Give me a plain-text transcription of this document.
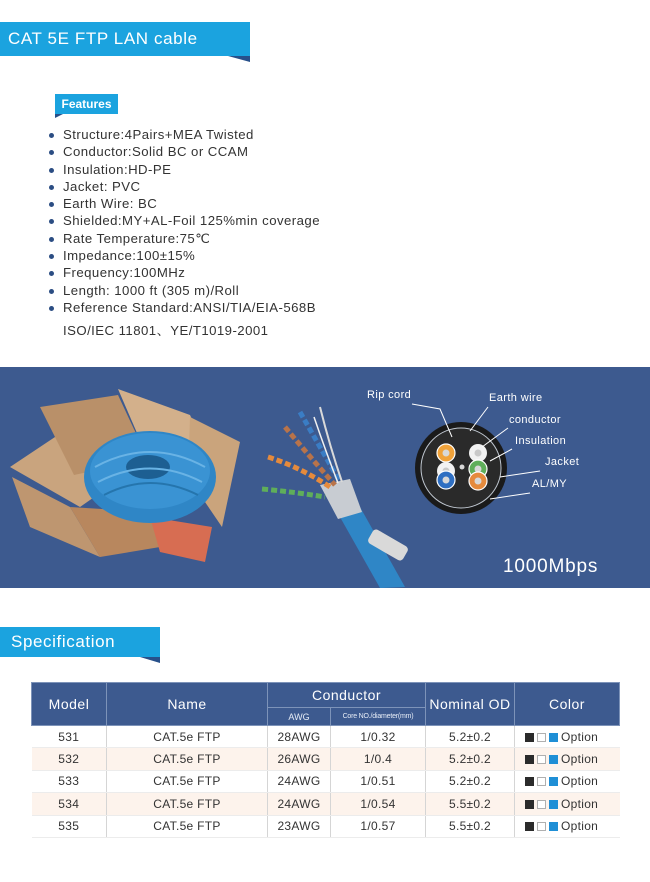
CAT 5E FTP LAN cable
Features
Structure:4Pairs+MEA Twisted
Conductor:Solid BC or CCAM
Insulation:HD-PE
Jacket: PVC
Earth Wire: BC
Shielded:MY+AL-Foil 125%min coverage
Rate Temperature:75℃
Impedance:100±15%
Frequency:100MHz
Length: 1000 ft (305 m)/Roll
Reference Standard:ANSI/TIA/EIA-568B
ISO/IEC 11801、YE/T1019-2001
Rip cord	Earth wire
conductor
Insulation
Jacket
AL/MY
1000Mbps
Specification
Model	Name	Conductor		Nominal OD	Color
		AWG	Core NO./diameter(mm)		
531	CAT.5e FTP	28AWG	1/0.32	5.2±0.2	Option
532	CAT.5e FTP	26AWG	1/0.4	5.2±0.2	Option
533	CAT.5e FTP	24AWG	1/0.51	5.2±0.2	Option
534	CAT.5e FTP	24AWG	1/0.54	5.5±0.2	Option
535	CAT.5e FTP	23AWG	1/0.57	5.5±0.2	Option
